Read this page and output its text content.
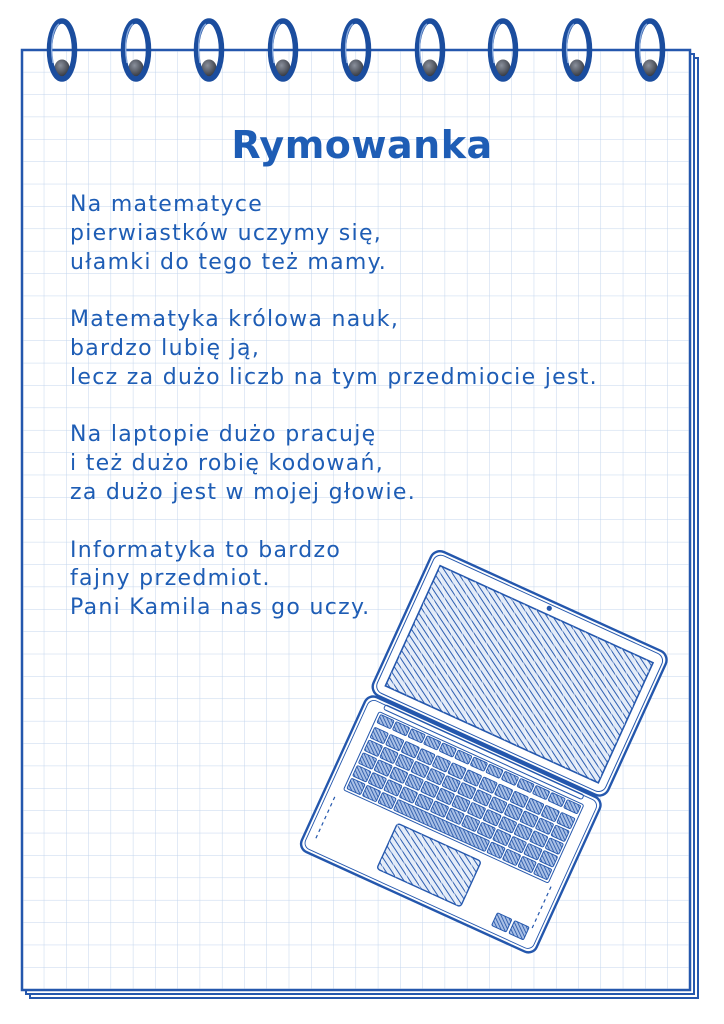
Rymowanka
Na matematyce
pierwiastków uczymy się,
ułamki do tego też mamy.
Matematyka królowa nauk,
bardzo lubię ją,
lecz za dużo liczb na tym przedmiocie jest.
Na laptopie dużo pracuję
i też dużo robię kodowań,
za dużo jest w mojej głowie.
Informatyka to bardzo
fajny przedmiot.
Pani Kamila nas go uczy.
